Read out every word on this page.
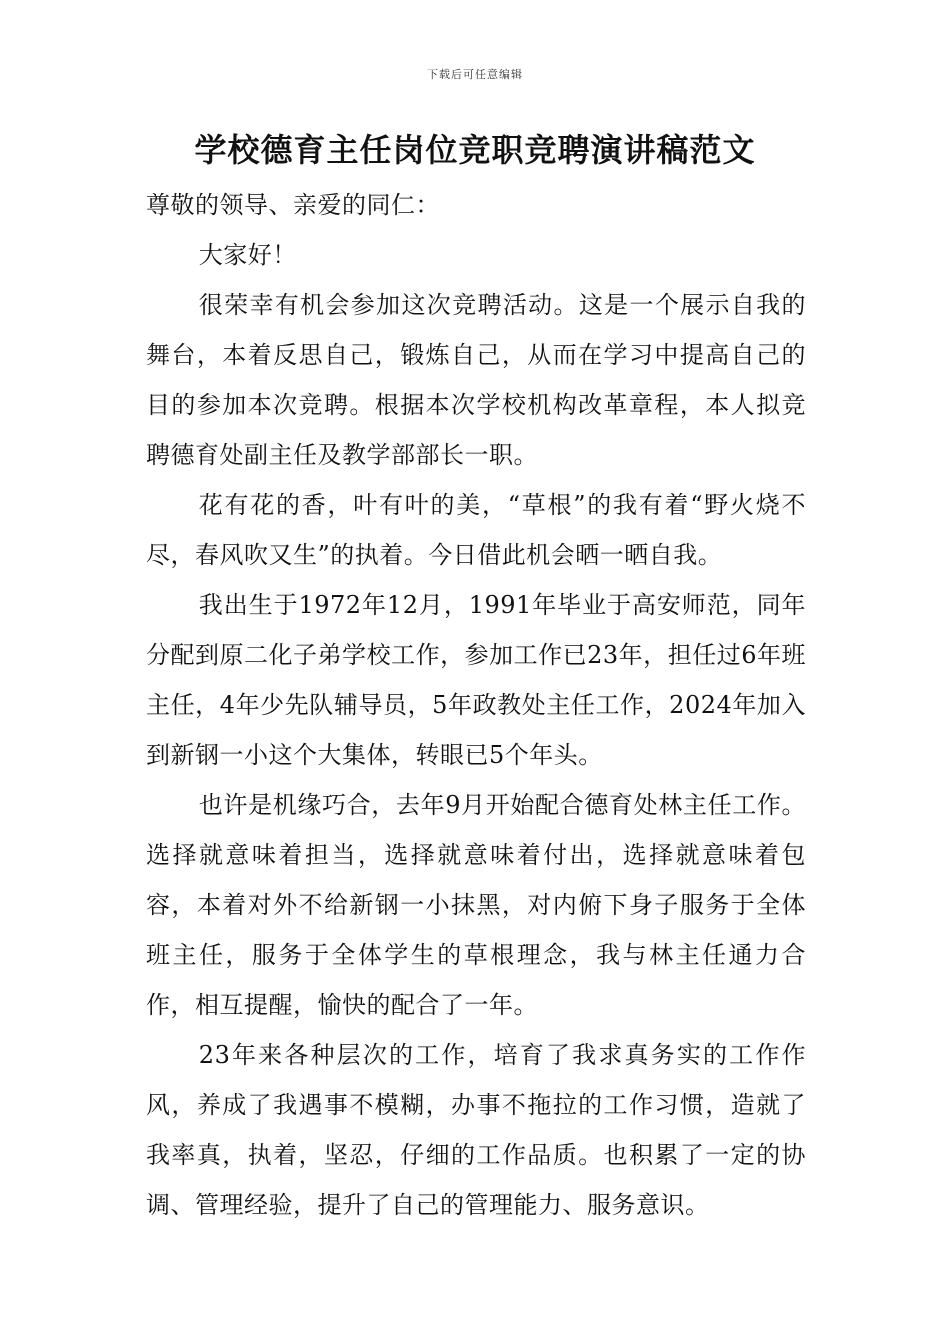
下载后可任意编辑
学校德育主任岗位竞职竞聘演讲稿范文

尊敬的领导、亲爱的同仁：

大家好！

很荣幸有机会参加这次竞聘活动。这是一个展示自我的舞台，本着反思自己，锻炼自己，从而在学习中提高自己的目的参加本次竞聘。根据本次学校机构改革章程，本人拟竞聘德育处副主任及教学部部长一职。

花有花的香，叶有叶的美，“草根”的我有着“野火烧不尽，春风吹又生”的执着。今日借此机会晒一晒自我。

我出生于1972年12月，1991年毕业于高安师范，同年分配到原二化子弟学校工作，参加工作已23年，担任过6年班主任，4年少先队辅导员，5年政教处主任工作，2024年加入到新钢一小这个大集体，转眼已5个年头。

也许是机缘巧合，去年9月开始配合德育处林主任工作。选择就意味着担当，选择就意味着付出，选择就意味着包容，本着对外不给新钢一小抹黑，对内俯下身子服务于全体班主任，服务于全体学生的草根理念，我与林主任通力合作，相互提醒，愉快的配合了一年。

23年来各种层次的工作，培育了我求真务实的工作作风，养成了我遇事不模糊，办事不拖拉的工作习惯，造就了我率真，执着，坚忍，仔细的工作品质。也积累了一定的协调、管理经验，提升了自己的管理能力、服务意识。
